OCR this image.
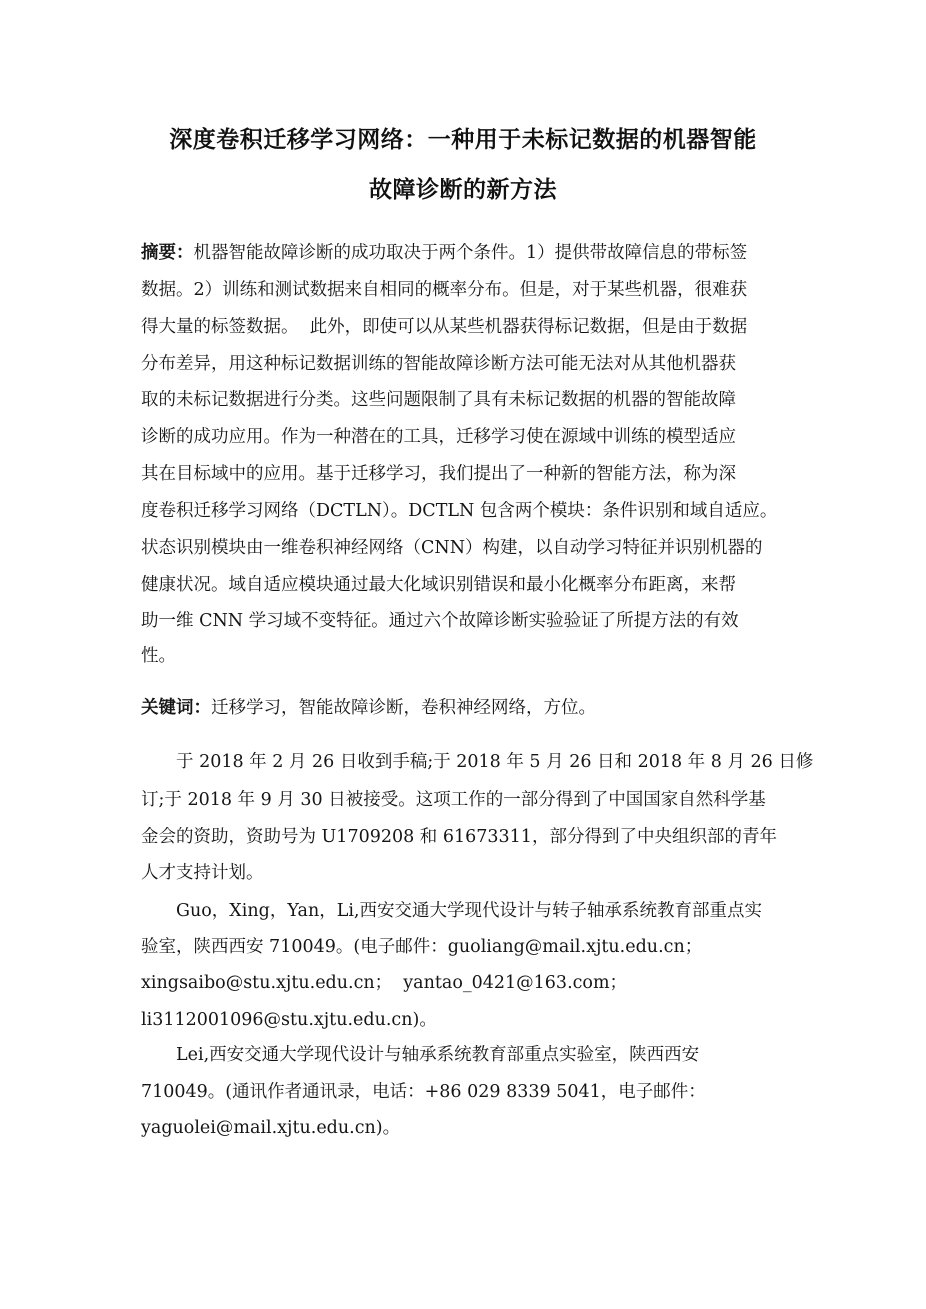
深度卷积迁移学习网络：一种用于未标记数据的机器智能
故障诊断的新方法
摘要：机器智能故障诊断的成功取决于两个条件。1）提供带故障信息的带标签
数据。2）训练和测试数据来自相同的概率分布。但是，对于某些机器，很难获
得大量的标签数据。  此外，即使可以从某些机器获得标记数据，但是由于数据
分布差异，用这种标记数据训练的智能故障诊断方法可能无法对从其他机器获
取的未标记数据进行分类。这些问题限制了具有未标记数据的机器的智能故障
诊断的成功应用。作为一种潜在的工具，迁移学习使在源域中训练的模型适应
其在目标域中的应用。基于迁移学习，我们提出了一种新的智能方法，称为深
度卷积迁移学习网络（DCTLN）。DCTLN 包含两个模块：条件识别和域自适应。
状态识别模块由一维卷积神经网络（CNN）构建，以自动学习特征并识别机器的
健康状况。域自适应模块通过最大化域识别错误和最小化概率分布距离，来帮
助一维 CNN 学习域不变特征。通过六个故障诊断实验验证了所提方法的有效
性。
关键词：迁移学习，智能故障诊断，卷积神经网络，方位。
于 2018 年 2 月 26 日收到手稿;于 2018 年 5 月 26 日和 2018 年 8 月 26 日修
订;于 2018 年 9 月 30 日被接受。这项工作的一部分得到了中国国家自然科学基
金会的资助，资助号为 U1709208 和 61673311，部分得到了中央组织部的青年
人才支持计划。
Guo，Xing，Yan，Li,西安交通大学现代设计与转子轴承系统教育部重点实
验室，陕西西安 710049。(电子邮件：guoliang@mail.xjtu.edu.cn；
xingsaibo@stu.xjtu.edu.cn；  yantao_0421@163.com；
li3112001096@stu.xjtu.edu.cn)。
Lei,西安交通大学现代设计与轴承系统教育部重点实验室，陕西西安
710049。(通讯作者通讯录，电话：+86 029 8339 5041，电子邮件：
yaguolei@mail.xjtu.edu.cn)。
